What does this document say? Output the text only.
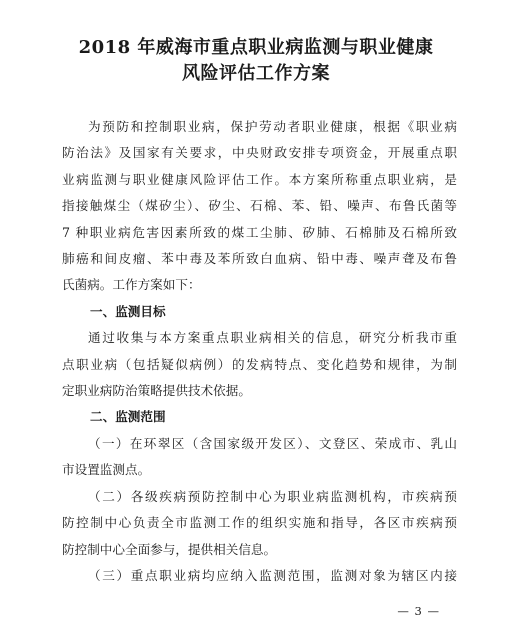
2018 年威海市重点职业病监测与职业健康
风险评估工作方案
为预防和控制职业病，保护劳动者职业健康，根据《职业病
防治法》及国家有关要求，中央财政安排专项资金，开展重点职
业病监测与职业健康风险评估工作。本方案所称重点职业病，是
指接触煤尘（煤矽尘）、矽尘、石棉、苯、铅、噪声、布鲁氏菌等
7 种职业病危害因素所致的煤工尘肺、矽肺、石棉肺及石棉所致
肺癌和间皮瘤、苯中毒及苯所致白血病、铅中毒、噪声聋及布鲁
氏菌病。工作方案如下：
一、监测目标
通过收集与本方案重点职业病相关的信息，研究分析我市重
点职业病（包括疑似病例）的发病特点、变化趋势和规律，为制
定职业病防治策略提供技术依据。
二、监测范围
（一）在环翠区（含国家级开发区）、文登区、荣成市、乳山
市设置监测点。
（二）各级疾病预防控制中心为职业病监测机构，市疾病预
防控制中心负责全市监测工作的组织实施和指导，各区市疾病预
防控制中心全面参与，提供相关信息。
（三）重点职业病均应纳入监测范围，监测对象为辖区内接
— 3 —
